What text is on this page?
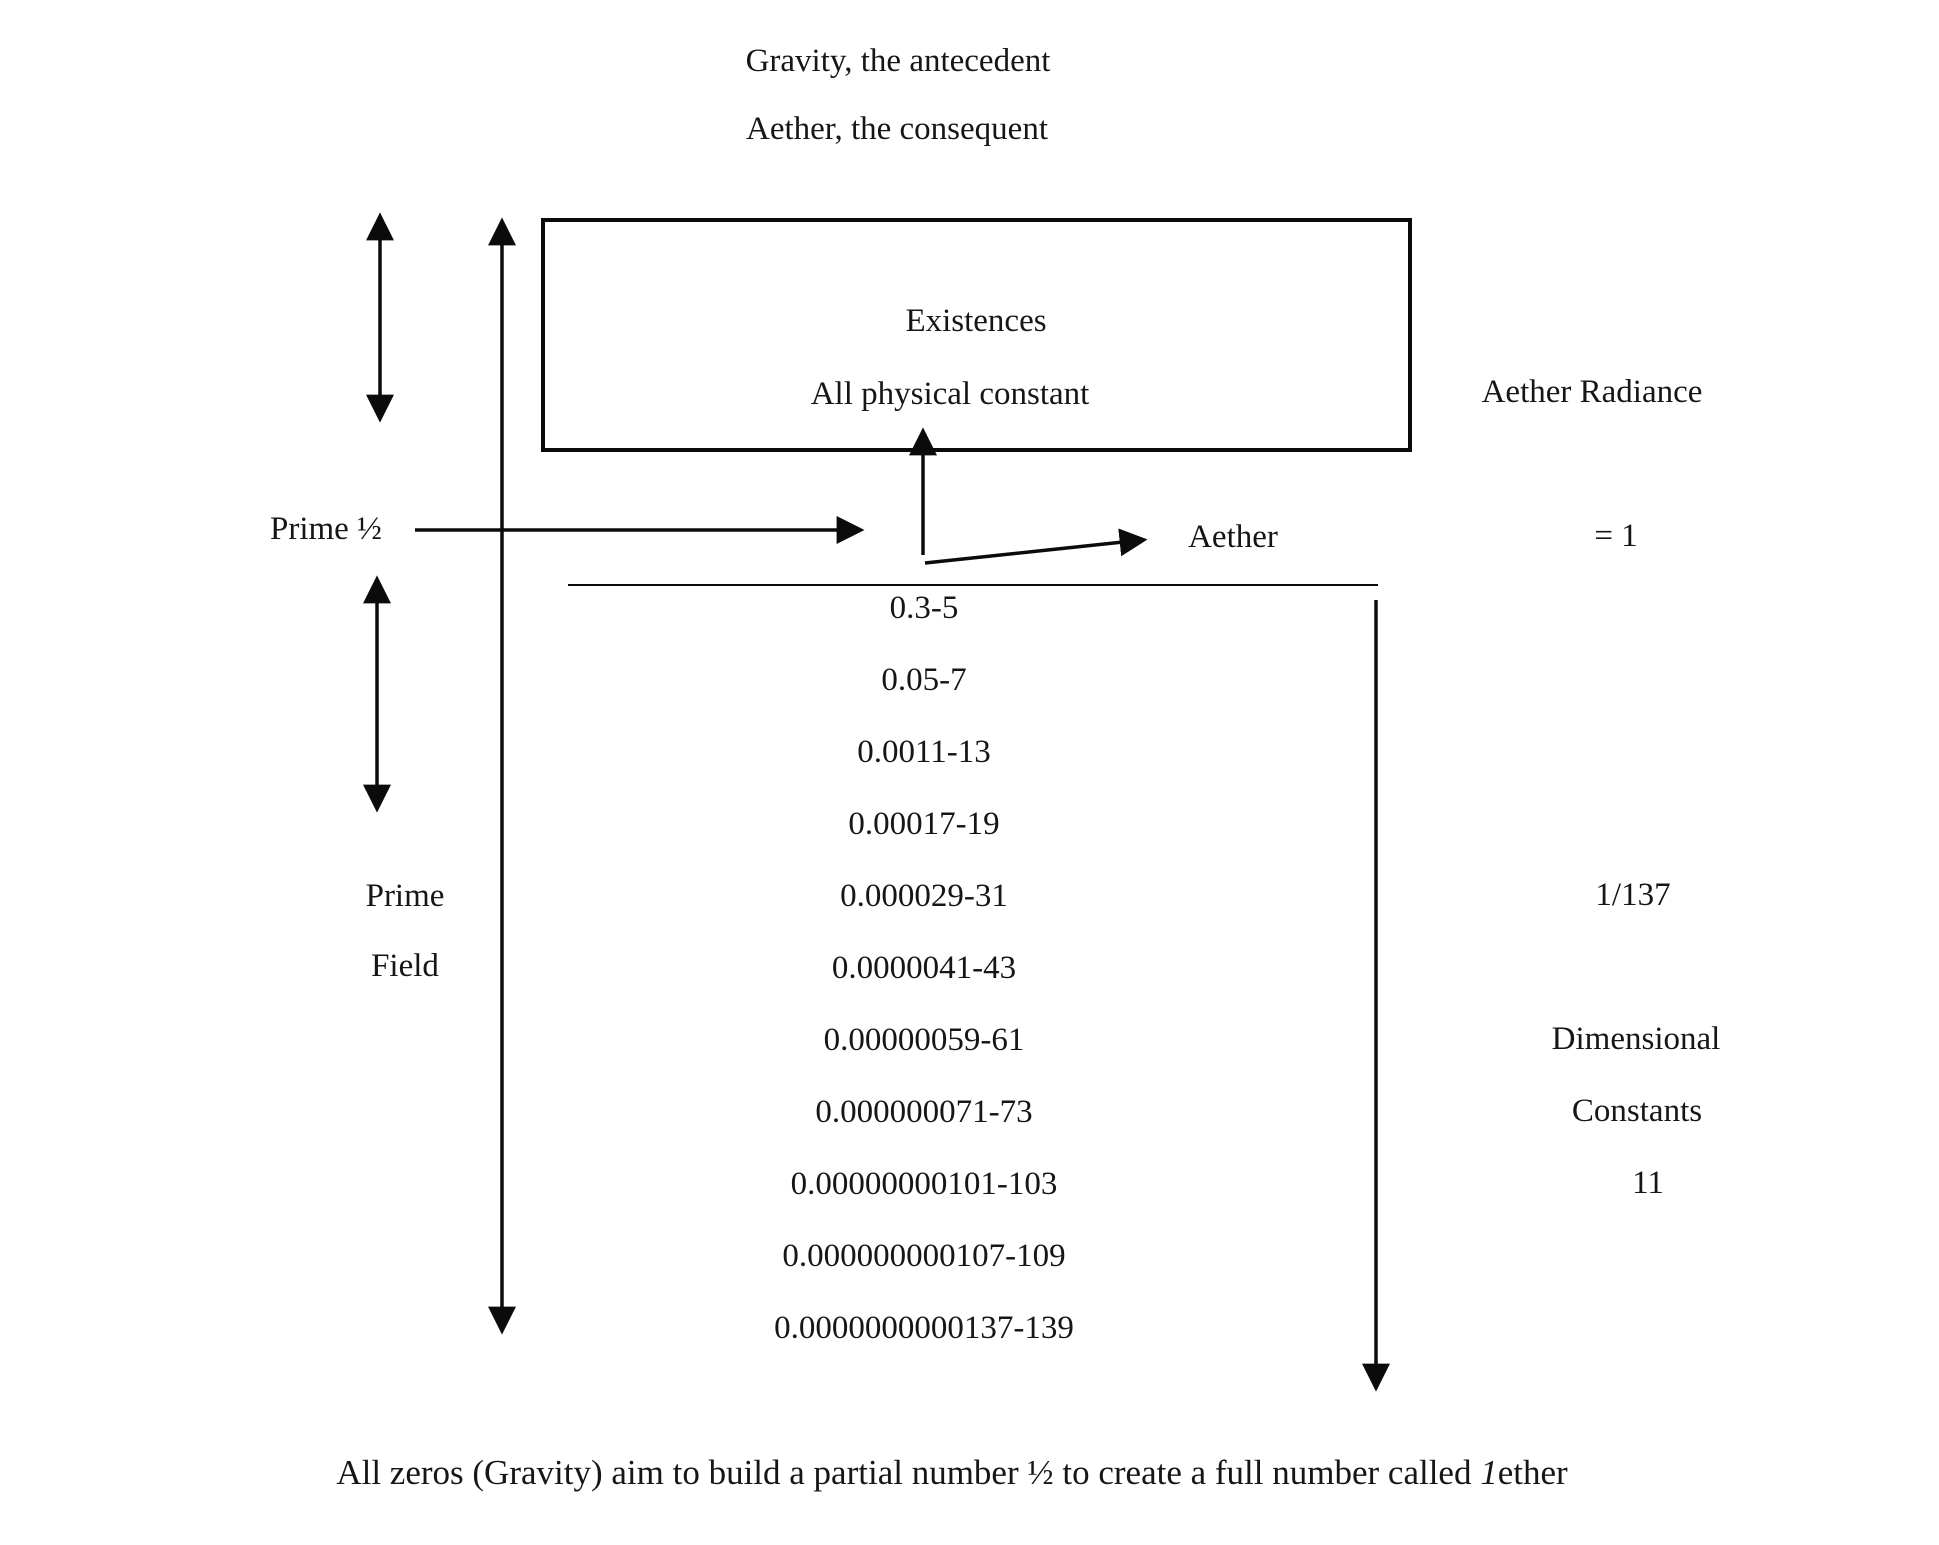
Gravity, the antecedent
Aether, the consequent
Existences
All physical constant	Aether Radiance
= 1
Prime ½	Aether
Prime
Field
0.3-5
0.05-7
0.0011-13
0.00017-19
0.000029-31
0.0000041-43
0.00000059-61
0.000000071-73
0.00000000101-103
0.000000000107-109
0.0000000000137-139
1/137
Dimensional
Constants
11
All zeros (Gravity) aim to build a partial number ½ to create a full number called 1ether
